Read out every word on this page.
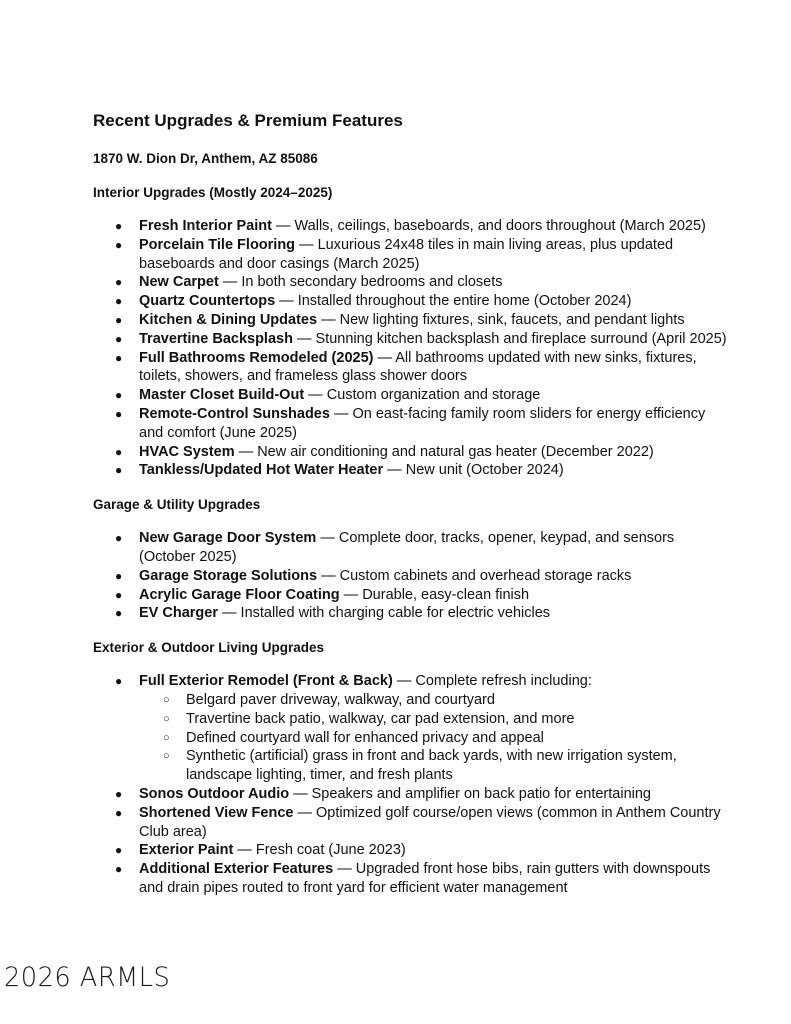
Recent Upgrades & Premium Features
1870 W. Dion Dr, Anthem, AZ 85086
Interior Upgrades (Mostly 2024–2025)
● Fresh Interior Paint — Walls, ceilings, baseboards, and doors throughout (March 2025)
● Porcelain Tile Flooring — Luxurious 24x48 tiles in main living areas, plus updated baseboards and door casings (March 2025)
● New Carpet — In both secondary bedrooms and closets
● Quartz Countertops — Installed throughout the entire home (October 2024)
● Kitchen & Dining Updates — New lighting fixtures, sink, faucets, and pendant lights
● Travertine Backsplash — Stunning kitchen backsplash and fireplace surround (April 2025)
● Full Bathrooms Remodeled (2025) — All bathrooms updated with new sinks, fixtures, toilets, showers, and frameless glass shower doors
● Master Closet Build-Out — Custom organization and storage
● Remote-Control Sunshades — On east-facing family room sliders for energy efficiency and comfort (June 2025)
● HVAC System — New air conditioning and natural gas heater (December 2022)
● Tankless/Updated Hot Water Heater — New unit (October 2024)
Garage & Utility Upgrades
● New Garage Door System — Complete door, tracks, opener, keypad, and sensors (October 2025)
● Garage Storage Solutions — Custom cabinets and overhead storage racks
● Acrylic Garage Floor Coating — Durable, easy-clean finish
● EV Charger — Installed with charging cable for electric vehicles
Exterior & Outdoor Living Upgrades
● Full Exterior Remodel (Front & Back) — Complete refresh including:
○ Belgard paver driveway, walkway, and courtyard
○ Travertine back patio, walkway, car pad extension, and more
○ Defined courtyard wall for enhanced privacy and appeal
○ Synthetic (artificial) grass in front and back yards, with new irrigation system, landscape lighting, timer, and fresh plants
● Sonos Outdoor Audio — Speakers and amplifier on back patio for entertaining
● Shortened View Fence — Optimized golf course/open views (common in Anthem Country Club area)
● Exterior Paint — Fresh coat (June 2023)
● Additional Exterior Features — Upgraded front hose bibs, rain gutters with downspouts and drain pipes routed to front yard for efficient water management
2026 ARMLS
